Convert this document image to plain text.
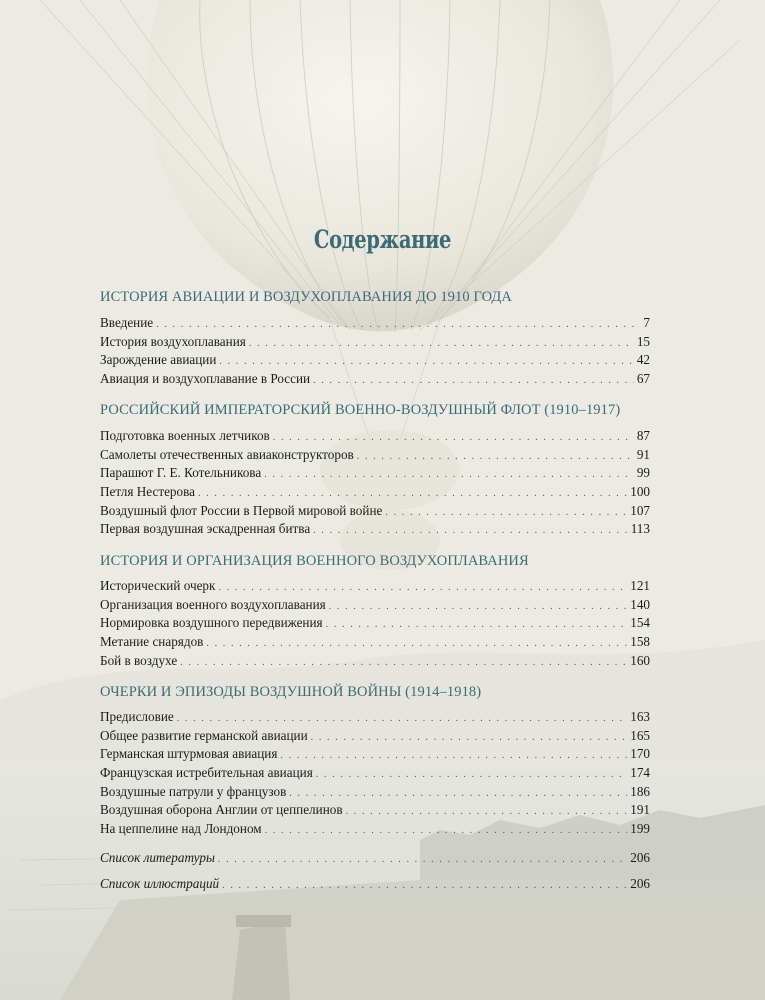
Содержание
ИСТОРИЯ АВИАЦИИ И ВОЗДУХОПЛАВАНИЯ ДО 1910 ГОДА
Введение . . .	7
История воздухоплавания . . .	15
Зарождение авиации . . .	42
Авиация и воздухоплавание в России . . .	67
РОССИЙСКИЙ ИМПЕРАТОРСКИЙ ВОЕННО-ВОЗДУШНЫЙ ФЛОТ (1910–1917)
Подготовка военных летчиков . . .	87
Самолеты отечественных авиаконструкторов . . .	91
Парашют Г. Е. Котельникова . . .	99
Петля Нестерова . . .	100
Воздушный флот России в Первой мировой войне . . .	107
Первая воздушная эскадренная битва . . .	113
ИСТОРИЯ И ОРГАНИЗАЦИЯ ВОЕННОГО ВОЗДУХОПЛАВАНИЯ
Исторический очерк . . .	121
Организация военного воздухоплавания . . .	140
Нормировка воздушного передвижения . . .	154
Метание снарядов . . .	158
Бой в воздухе . . .	160
ОЧЕРКИ И ЭПИЗОДЫ ВОЗДУШНОЙ ВОЙНЫ (1914–1918)
Предисловие . . .	163
Общее развитие германской авиации . . .	165
Германская штурмовая авиация . . .	170
Французская истребительная авиация . . .	174
Воздушные патрули у французов . . .	186
Воздушная оборона Англии от цеппелинов . . .	191
На цеппелине над Лондоном . . .	199
Список литературы . . .	206
Список иллюстраций . . .	206
